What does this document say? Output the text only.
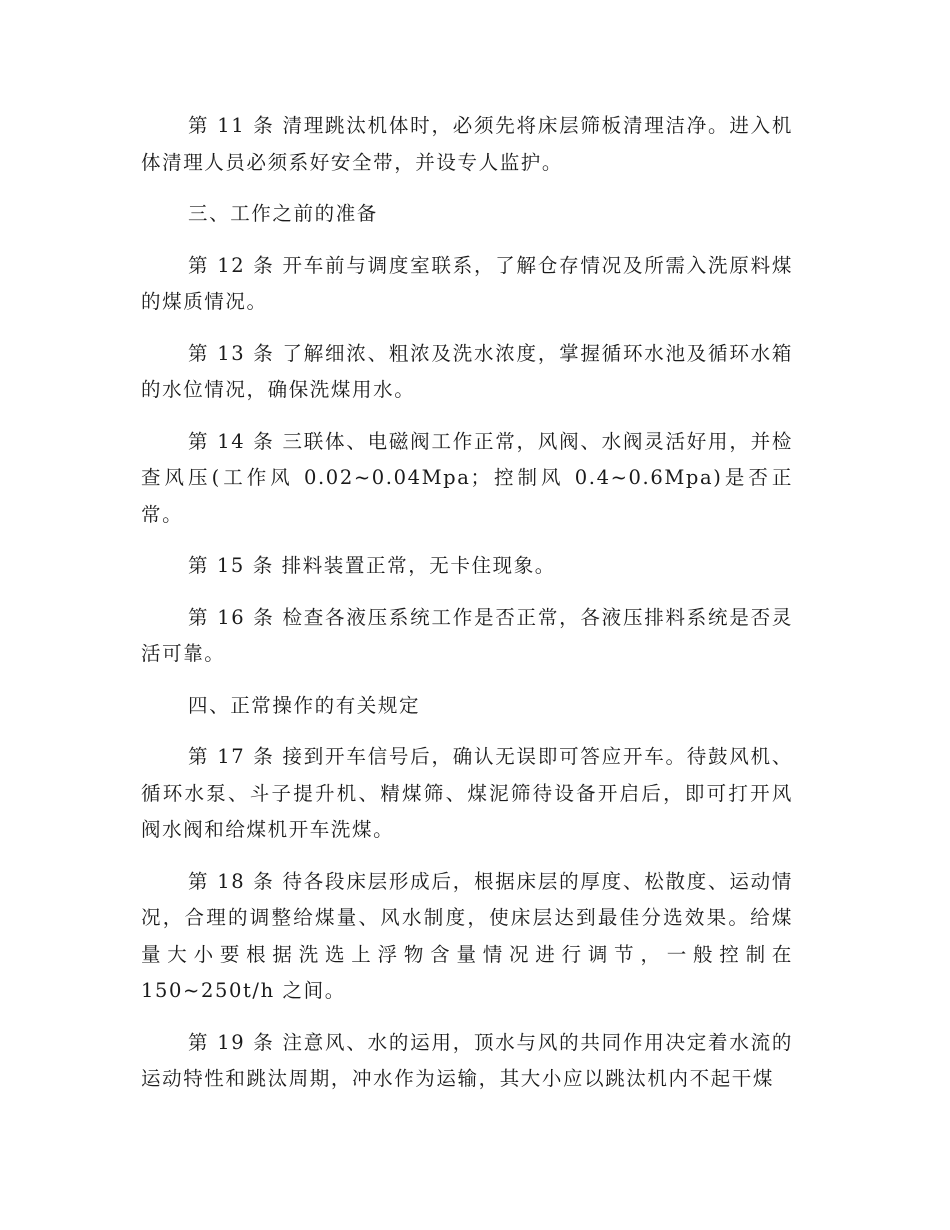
第 11 条 清理跳汰机体时，必须先将床层筛板清理洁净。进入机体清理人员必须系好安全带，并设专人监护。

三、工作之前的准备

第 12 条 开车前与调度室联系，了解仓存情况及所需入洗原料煤的煤质情况。

第 13 条 了解细浓、粗浓及洗水浓度，掌握循环水池及循环水箱的水位情况，确保洗煤用水。

第 14 条 三联体、电磁阀工作正常，风阀、水阀灵活好用，并检查风压(工作风 0.02~0.04Mpa；控制风 0.4~0.6Mpa)是否正常。

第 15 条 排料装置正常，无卡住现象。

第 16 条 检查各液压系统工作是否正常，各液压排料系统是否灵活可靠。

四、正常操作的有关规定

第 17 条 接到开车信号后，确认无误即可答应开车。待鼓风机、循环水泵、斗子提升机、精煤筛、煤泥筛待设备开启后，即可打开风阀水阀和给煤机开车洗煤。

第 18 条 待各段床层形成后，根据床层的厚度、松散度、运动情况，合理的调整给煤量、风水制度，使床层达到最佳分选效果。给煤量大小要根据洗选上浮物含量情况进行调节，一般控制在 150~250t/h 之间。

第 19 条 注意风、水的运用，顶水与风的共同作用决定着水流的运动特性和跳汰周期，冲水作为运输，其大小应以跳汰机内不起干煤
